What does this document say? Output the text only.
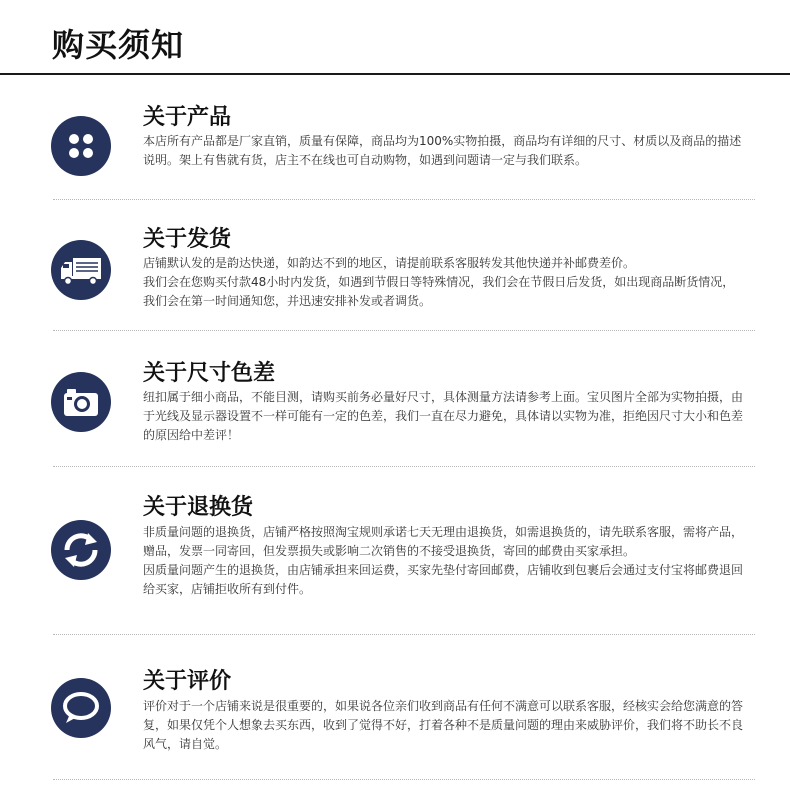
购买须知
关于产品

本店所有产品都是厂家直销，质量有保障，商品均为100%实物拍摄，商品均有详细的尺寸、材质以及商品的描述说明。架上有售就有货，店主不在线也可自动购物，如遇到问题请一定与我们联系。

关于发货

店铺默认发的是韵达快递，如韵达不到的地区，请提前联系客服转发其他快递并补邮费差价。

我们会在您购买付款48小时内发货，如遇到节假日等特殊情况，我们会在节假日后发货，如出现商品断货情况，我们会在第一时间通知您，并迅速安排补发或者调货。

关于尺寸色差

纽扣属于细小商品，不能目测，请购买前务必量好尺寸，具体测量方法请参考上面。宝贝图片全部为实物拍摄，由于光线及显示器设置不一样可能有一定的色差，我们一直在尽力避免，具体请以实物为准，拒绝因尺寸大小和色差的原因给中差评！

关于退换货

非质量问题的退换货，店铺严格按照淘宝规则承诺七天无理由退换货，如需退换货的，请先联系客服，需将产品，赠品，发票一同寄回，但发票损失或影响二次销售的不接受退换货，寄回的邮费由买家承担。

因质量问题产生的退换货，由店铺承担来回运费，买家先垫付寄回邮费，店铺收到包裹后会通过支付宝将邮费退回给买家，店铺拒收所有到付件。

关于评价

评价对于一个店铺来说是很重要的，如果说各位亲们收到商品有任何不满意可以联系客服，经核实会给您满意的答复，如果仅凭个人想象去买东西，收到了觉得不好，打着各种不是质量问题的理由来威胁评价，我们将不助长不良风气，请自觉。
